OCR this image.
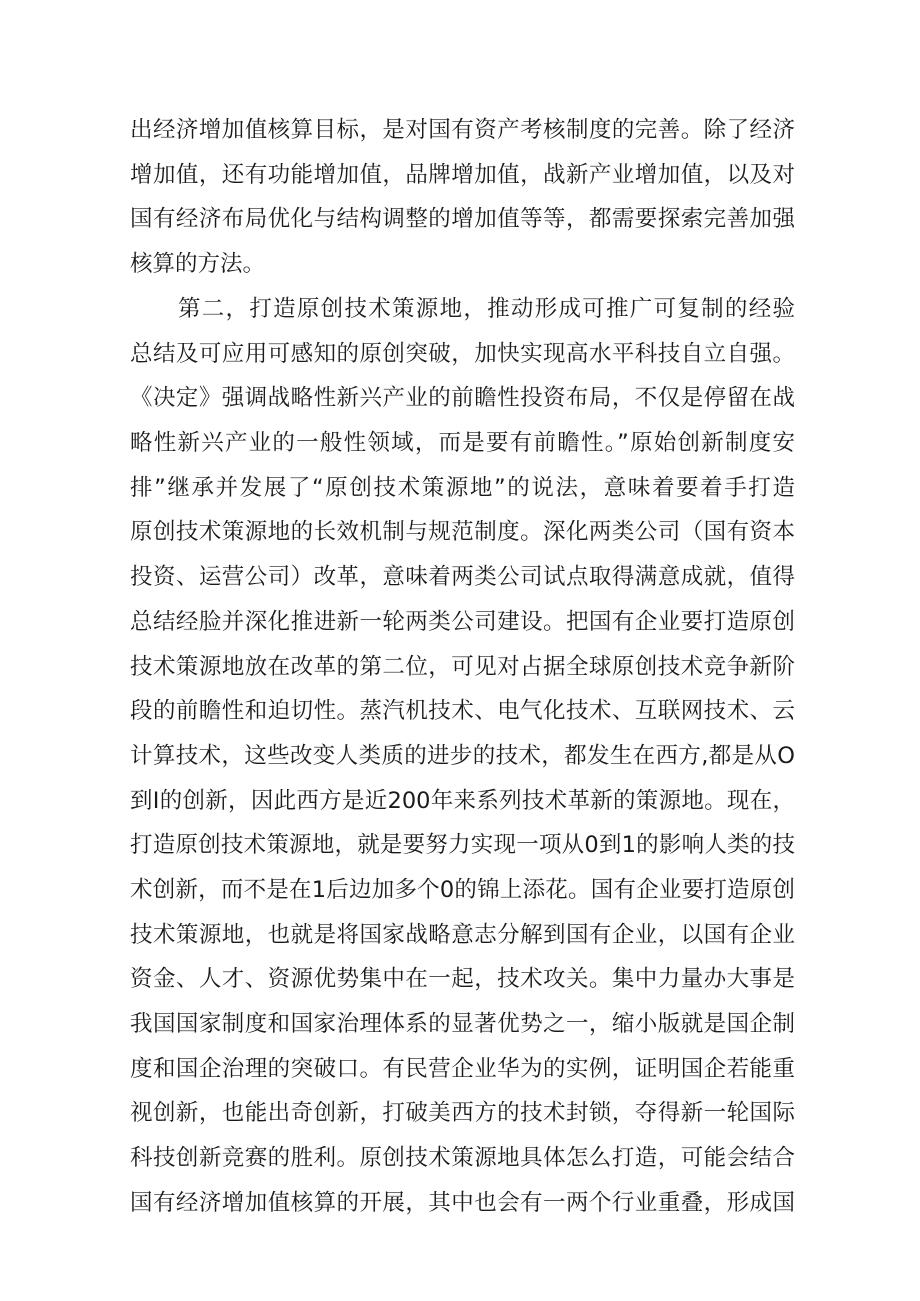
出经济增加值核算目标，是对国有资产考核制度的完善。除了经济
增加值，还有功能增加值，品牌增加值，战新产业增加值，以及对
国有经济布局优化与结构调整的增加值等等，都需要探索完善加强
核算的方法。
第二，打造原创技术策源地，推动形成可推广可复制的经验
总结及可应用可感知的原创突破，加快实现高水平科技自立自强。
《决定》强调战略性新兴产业的前瞻性投资布局，不仅是停留在战
略性新兴产业的一般性领域，而是要有前瞻性。”原始创新制度安
排”继承并发展了“原创技术策源地”的说法，意味着要着手打造
原创技术策源地的长效机制与规范制度。深化两类公司（国有资本
投资、运营公司）改革，意味着两类公司试点取得满意成就，值得
总结经脸并深化推进新一轮两类公司建设。把国有企业要打造原创
技术策源地放在改革的第二位，可见对占据全球原创技术竞争新阶
段的前瞻性和迫切性。蒸汽机技术、电气化技术、互联网技术、云
计算技术，这些改变人类质的进步的技术，都发生在西方,都是从O
到I的创新，因此西方是近200年来系列技术革新的策源地。现在，
打造原创技术策源地，就是要努力实现一项从0到1的影响人类的技
术创新，而不是在1后边加多个0的锦上添花。国有企业要打造原创
技术策源地，也就是将国家战略意志分解到国有企业，以国有企业
资金、人才、资源优势集中在一起，技术攻关。集中力量办大事是
我国国家制度和国家治理体系的显著优势之一，缩小版就是国企制
度和国企治理的突破口。有民营企业华为的实例，证明国企若能重
视创新，也能出奇创新，打破美西方的技术封锁，夺得新一轮国际
科技创新竞赛的胜利。原创技术策源地具体怎么打造，可能会结合
国有经济增加值核算的开展，其中也会有一两个行业重叠，形成国
